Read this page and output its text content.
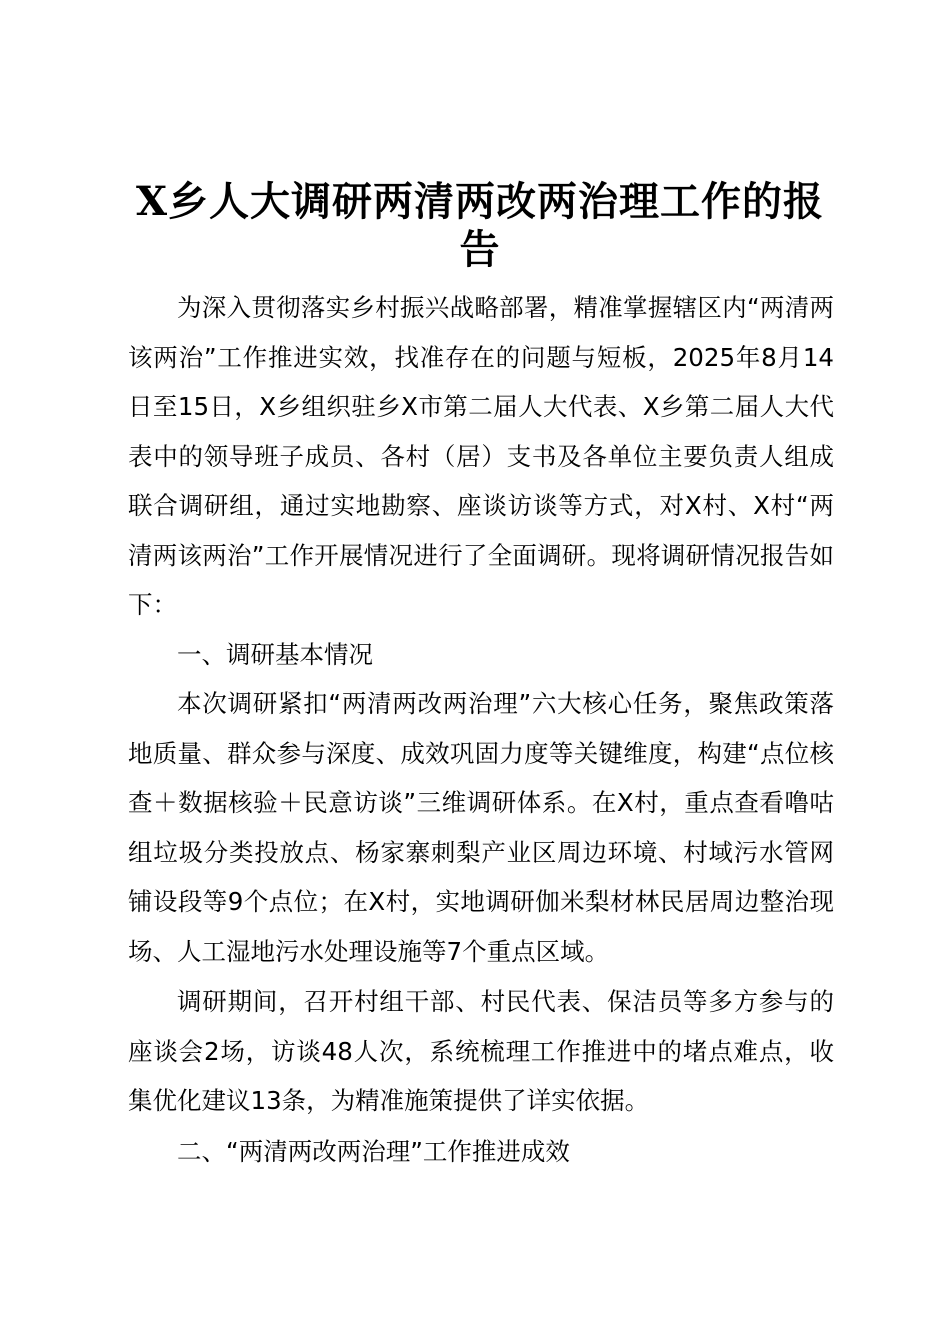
X乡人大调研两清两改两治理工作的报告

为深入贯彻落实乡村振兴战略部署，精准掌握辖区内“两清两该两治”工作推进实效，找准存在的问题与短板，2025年8月14日至15日，X乡组织驻乡X市第二届人大代表、X乡第二届人大代表中的领导班子成员、各村（居）支书及各单位主要负责人组成联合调研组，通过实地勘察、座谈访谈等方式，对X村、X村“两清两该两治”工作开展情况进行了全面调研。现将调研情况报告如下：

一、调研基本情况

本次调研紧扣“两清两改两治理”六大核心任务，聚焦政策落地质量、群众参与深度、成效巩固力度等关键维度，构建“点位核查＋数据核验＋民意访谈”三维调研体系。在X村，重点查看噜咕组垃圾分类投放点、杨家寨刺梨产业区周边环境、村域污水管网铺设段等9个点位；在X村，实地调研伽米梨材林民居周边整治现场、人工湿地污水处理设施等7个重点区域。

调研期间，召开村组干部、村民代表、保洁员等多方参与的座谈会2场，访谈48人次，系统梳理工作推进中的堵点难点，收集优化建议13条，为精准施策提供了详实依据。

二、“两清两改两治理”工作推进成效
